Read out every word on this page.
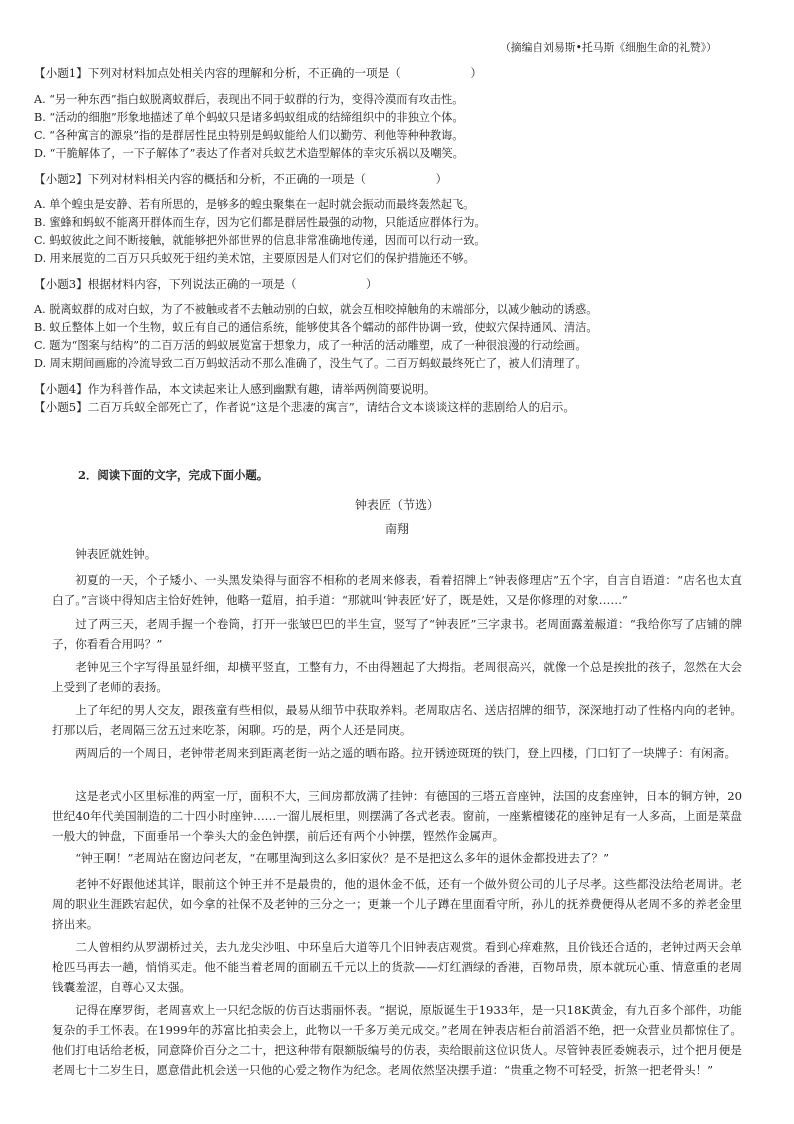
（摘编自刘易斯•托马斯《细胞生命的礼赞》）
【小题1】下列对材料加点处相关内容的理解和分析，不正确的一项是（　　　　　　）
A. “另一种东西”指白蚁脱离蚁群后，表现出不同于蚁群的行为，变得冷漠而有攻击性。
B. “活动的细胞”形象地描述了单个蚂蚁只是诸多蚂蚁组成的结缔组织中的非独立个体。
C. “各种寓言的源泉”指的是群居性昆虫特别是蚂蚁能给人们以勤劳、利他等种种教诲。
D. “干脆解体了，一下子解体了”表达了作者对兵蚁艺术造型解体的幸灾乐祸以及嘲笑。
【小题2】下列对材料相关内容的概括和分析，不正确的一项是（　　　　　　）
A. 单个蝗虫是安静、若有所思的，是够多的蝗虫聚集在一起时就会振动而最终轰然起飞。
B. 蜜蜂和蚂蚁不能离开群体而生存，因为它们都是群居性最强的动物，只能适应群体行为。
C. 蚂蚁彼此之间不断接触，就能够把外部世界的信息非常准确地传递，因而可以行动一致。
D. 用来展览的二百万只兵蚁死于纽约美术馆，主要原因是人们对它们的保护措施还不够。
【小题3】根据材料内容，下列说法正确的一项是（　　　　　　）
A. 脱离蚁群的成对白蚁，为了不被触或者不去触动别的白蚁，就会互相咬掉触角的末端部分，以减少触动的诱惑。
B. 蚁丘整体上如一个生物，蚁丘有自己的通信系统，能够使其各个蠕动的部件协调一致，使蚁穴保持通风、清洁。
C. 题为“图案与结构”的二百万活的蚂蚁展览富于想象力，成了一种活的活动雕塑，成了一种很浪漫的行动绘画。
D. 周末期间画廊的冷流导致二百万蚂蚁活动不那么准确了，没生气了。二百万蚂蚁最终死亡了，被人们清理了。
【小题4】作为科普作品，本文读起来让人感到幽默有趣，请举两例简要说明。
【小题5】二百万兵蚁全部死亡了，作者说“这是个悲凄的寓言”，请结合文本谈谈这样的悲剧给人的启示。
2．阅读下面的文字，完成下面小题。
钟表匠（节选）
南翔
钟表匠就姓钟。
初夏的一天，个子矮小、一头黑发染得与面容不相称的老周来修表，看着招牌上“钟表修理店”五个字，自言自语道：“店名也太直白了。”言谈中得知店主恰好姓钟，他略一踅眉，拍手道：“那就叫‘钟表匠’好了，既是姓，又是你修理的对象……”
过了两三天，老周手握一个卷筒，打开一张皱巴巴的半生宣，竖写了“钟表匠”三字隶书。老周面露羞赧道：“我给你写了店铺的牌子，你看看合用吗？”
老钟见三个字写得虽显纤细，却横平竖直，工整有力，不由得翘起了大拇指。老周很高兴，就像一个总是挨批的孩子，忽然在大会上受到了老师的表扬。
上了年纪的男人交友，跟孩童有些相似，最易从细节中获取养料。老周取店名、送店招牌的细节，深深地打动了性格内向的老钟。打那以后，老周隔三岔五过来吃茶，闲聊。巧的是，两个人还是同庚。
两周后的一个周日，老钟带老周来到距离老街一站之遥的晒布路。拉开锈迹斑斑的铁门，登上四楼，门口钉了一块牌子：有闲斋。
这是老式小区里标准的两室一厅，面积不大，三间房都放满了挂钟：有德国的三塔五音座钟，法国的皮套座钟，日本的铜方钟，20世纪40年代美国制造的二十四小时座钟……一溜儿展柜里，则摆满了各式老表。窗前，一座紫檀镂花的座钟足有一人多高，上面是菜盘一般大的钟盘，下面垂吊一个拳头大的金色钟摆，前后还有两个小钟摆，铿然作金属声。
“钟王啊！”老周站在窗边问老友，“在哪里淘到这么多旧家伙？是不是把这么多年的退休金都投进去了？”
老钟不好跟他述其详，眼前这个钟王并不是最贵的，他的退休金不低，还有一个做外贸公司的儿子尽孝。这些都没法给老周讲。老周的职业生涯跌宕起伏，如今拿的社保不及老钟的三分之一；更兼一个儿子蹲在里面看守所，孙儿的抚养费便得从老周不多的养老金里挤出来。
二人曾相约从罗湖桥过关，去九龙尖沙咀、中环皇后大道等几个旧钟表店观赏。看到心痒难熬，且价钱还合适的，老钟过两天会单枪匹马再去一趟，悄悄买走。他不能当着老周的面刷五千元以上的货款——灯红酒绿的香港，百物昂贵，原本就玩心重、情意重的老周钱囊羞涩，自尊心又太强。
记得在摩罗街，老周喜欢上一只纪念版的仿百达翡丽怀表。“据说，原版诞生于1933年，是一只18K黄金，有九百多个部件，功能复杂的手工怀表。在1999年的苏富比拍卖会上，此物以一千多万美元成交。”老周在钟表店柜台前滔滔不绝，把一众营业员都惊住了。他们打电话给老板，同意降价百分之二十，把这种带有限额版编号的仿表，卖给眼前这位识货人。尽管钟表匠委婉表示，过个把月便是老周七十二岁生日，愿意借此机会送一只他的心爱之物作为纪念。老周依然坚决摆手道：“贵重之物不可轻受，折煞一把老骨头！”
